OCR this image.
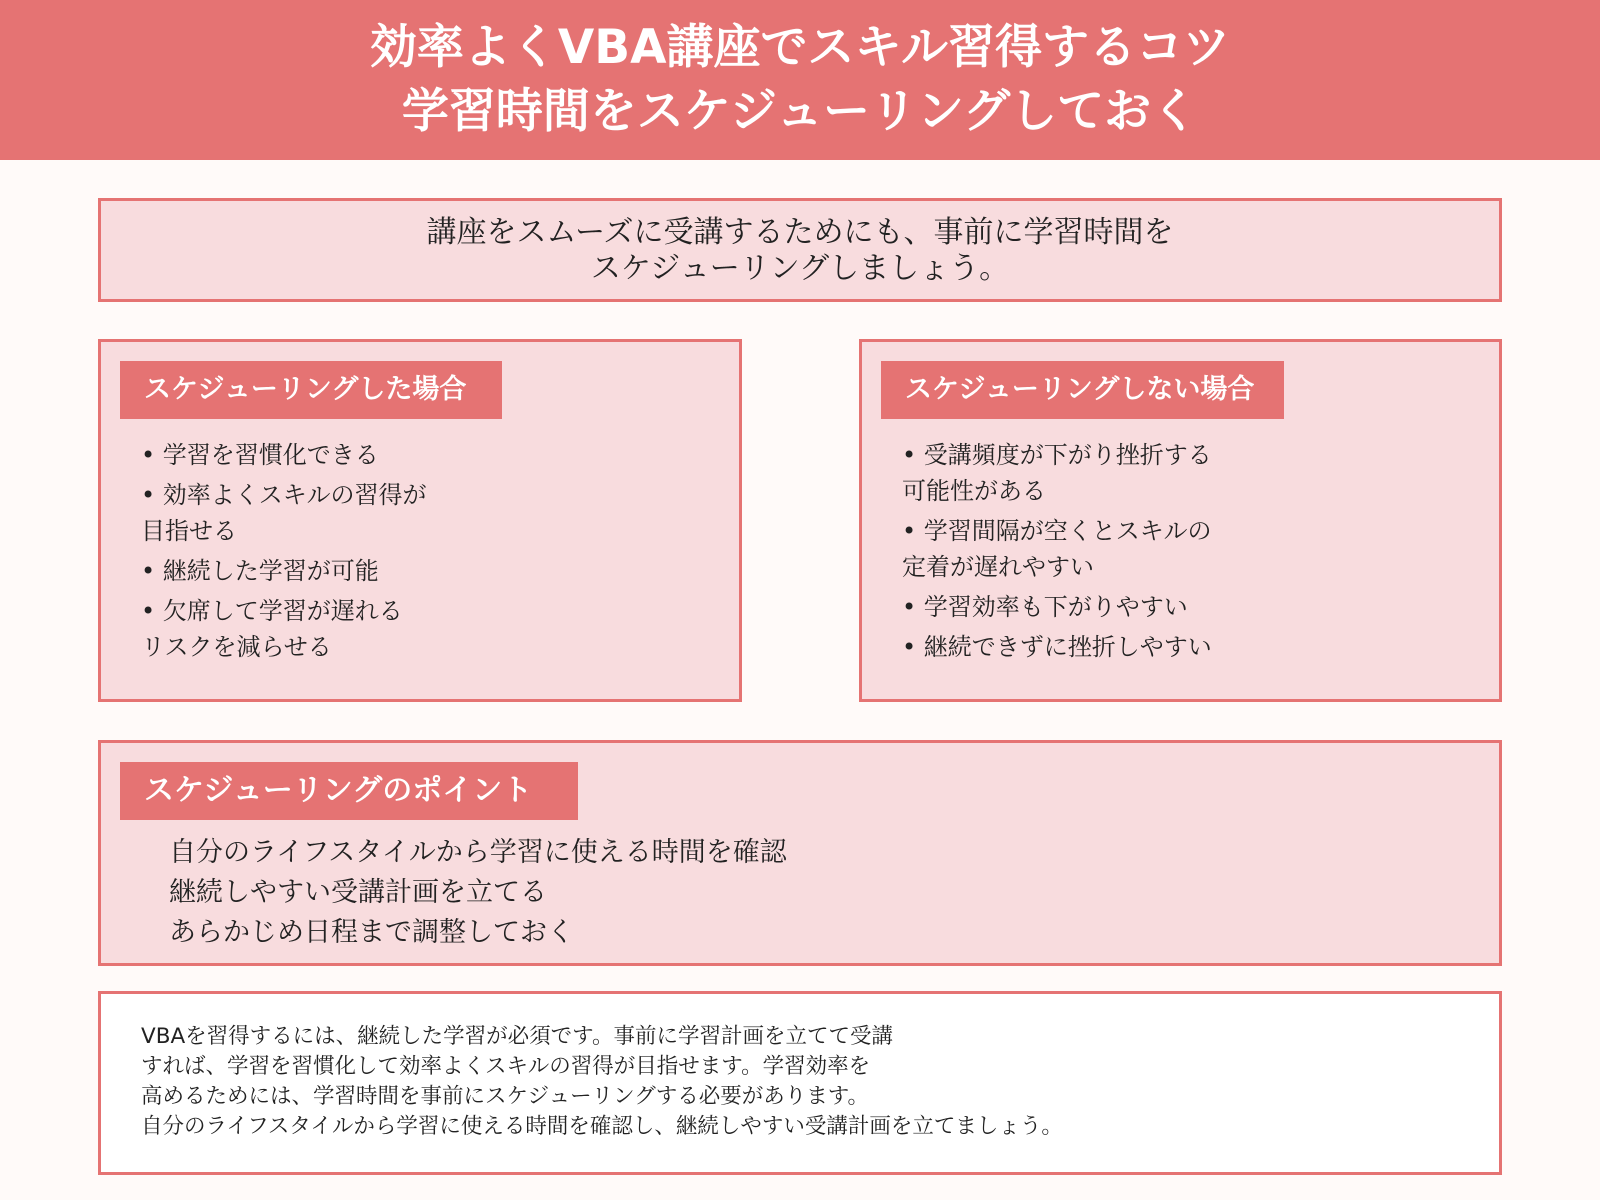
効率よくVBA講座でスキル習得するコツ
学習時間をスケジューリングしておく
講座をスムーズに受講するためにも、事前に学習時間を
スケジューリングしましょう。
スケジューリングした場合
• 学習を習慣化できる
• 効率よくスキルの習得が
目指せる
• 継続した学習が可能
• 欠席して学習が遅れる
リスクを減らせる
スケジューリングしない場合
• 受講頻度が下がり挫折する
可能性がある
• 学習間隔が空くとスキルの
定着が遅れやすい
• 学習効率も下がりやすい
• 継続できずに挫折しやすい
スケジューリングのポイント
自分のライフスタイルから学習に使える時間を確認
継続しやすい受講計画を立てる
あらかじめ日程まで調整しておく
VBAを習得するには、継続した学習が必須です。事前に学習計画を立てて受講
すれば、学習を習慣化して効率よくスキルの習得が目指せます。学習効率を
高めるためには、学習時間を事前にスケジューリングする必要があります。
自分のライフスタイルから学習に使える時間を確認し、継続しやすい受講計画を立てましょう。
